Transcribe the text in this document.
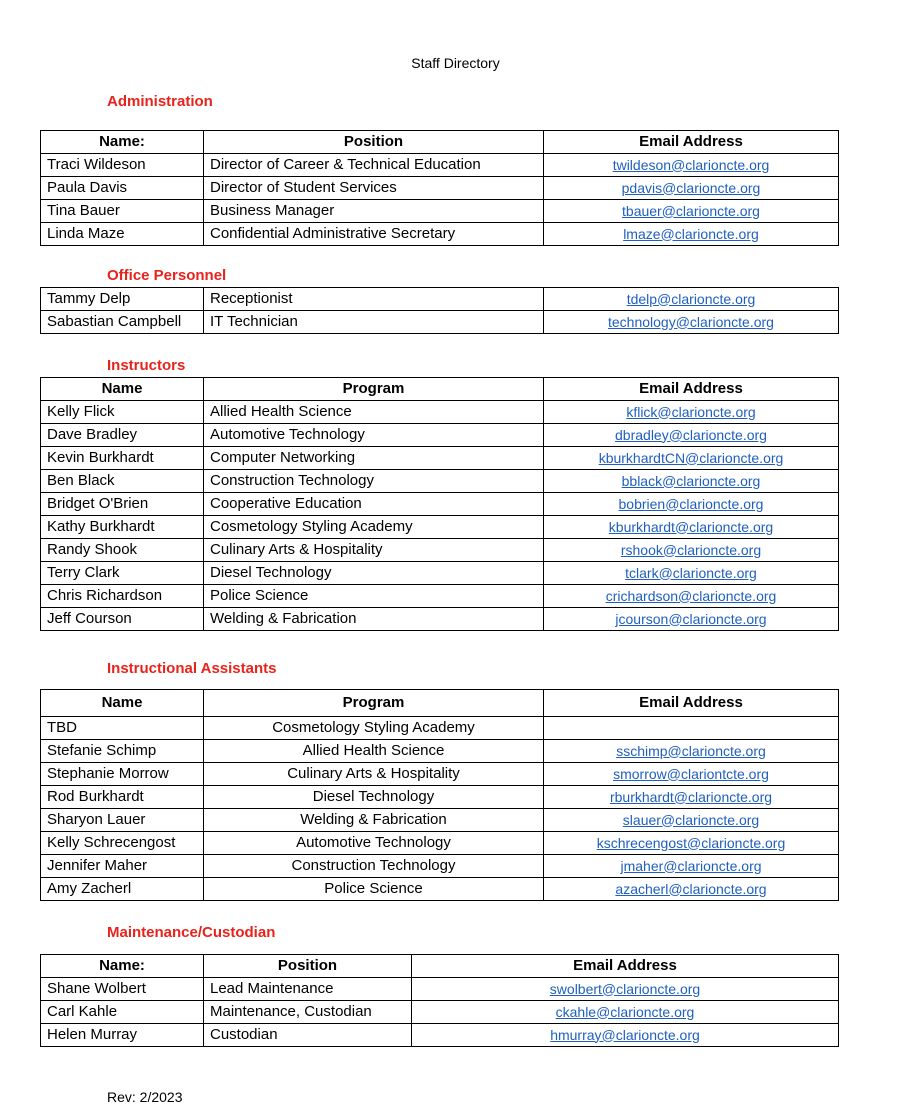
Staff Directory
Administration
Name:	Position	Email Address
Traci Wildeson	Director of Career & Technical Education	twildeson@clarioncte.org
Paula Davis	Director of Student Services	pdavis@clarioncte.org
Tina Bauer	Business Manager	tbauer@clarioncte.org
Linda Maze	Confidential Administrative Secretary	lmaze@clarioncte.org
Office Personnel
Tammy Delp	Receptionist	tdelp@clarioncte.org
Sabastian Campbell	IT Technician	technology@clarioncte.org
Instructors
Name	Program	Email Address
Kelly Flick	Allied Health Science	kflick@clarioncte.org
Dave Bradley	Automotive Technology	dbradley@clarioncte.org
Kevin Burkhardt	Computer Networking	kburkhardtCN@clarioncte.org
Ben Black	Construction Technology	bblack@clarioncte.org
Bridget O'Brien	Cooperative Education	bobrien@clarioncte.org
Kathy Burkhardt	Cosmetology Styling Academy	kburkhardt@clarioncte.org
Randy Shook	Culinary Arts & Hospitality	rshook@clarioncte.org
Terry Clark	Diesel Technology	tclark@clarioncte.org
Chris Richardson	Police Science	crichardson@clarioncte.org
Jeff Courson	Welding & Fabrication	jcourson@clarioncte.org
Instructional Assistants
Name	Program	Email Address
TBD	Cosmetology Styling Academy	
Stefanie Schimp	Allied Health Science	sschimp@clarioncte.org
Stephanie Morrow	Culinary Arts & Hospitality	smorrow@clariontcte.org
Rod Burkhardt	Diesel Technology	rburkhardt@clarioncte.org
Sharyon Lauer	Welding & Fabrication	slauer@clarioncte.org
Kelly Schrecengost	Automotive Technology	kschrecengost@clarioncte.org
Jennifer Maher	Construction Technology	jmaher@clarioncte.org
Amy Zacherl	Police Science	azacherl@clarioncte.org
Maintenance/Custodian
Name:	Position	Email Address
Shane Wolbert	Lead Maintenance	swolbert@clarioncte.org
Carl Kahle	Maintenance, Custodian	ckahle@clarioncte.org
Helen Murray	Custodian	hmurray@clarioncte.org
Rev: 2/2023
